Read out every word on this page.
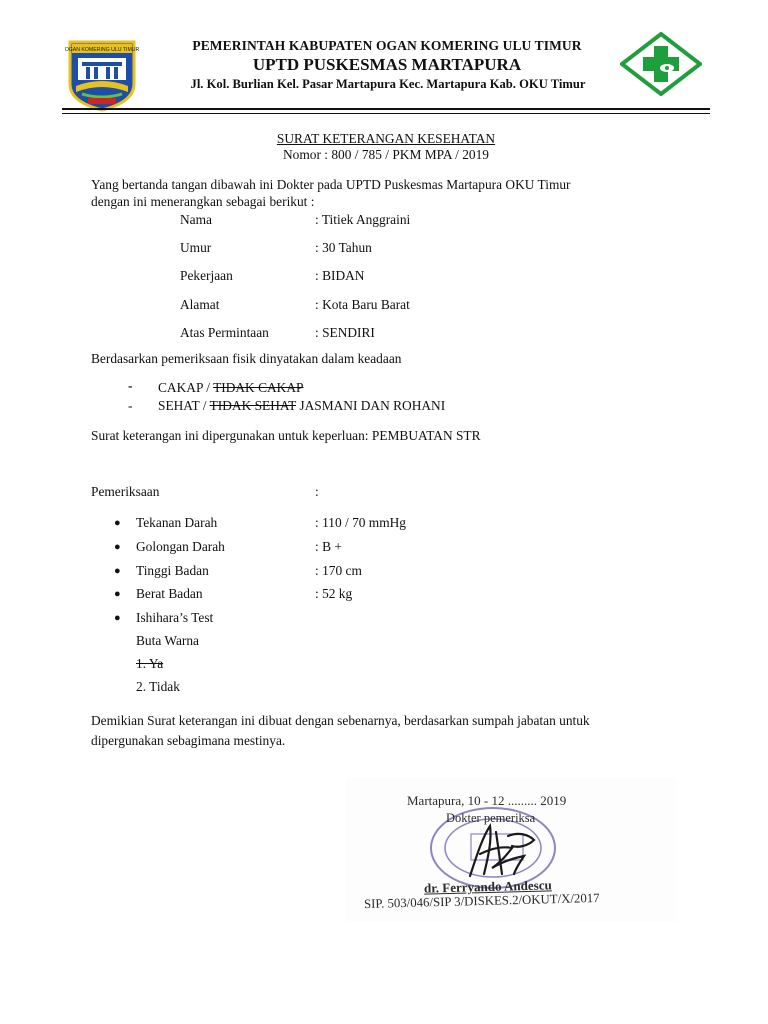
OGAN KOMERING ULU TIMUR	PEMERINTAH KABUPATEN OGAN KOMERING ULU TIMUR
UPTD PUSKESMAS MARTAPURA
Jl. Kol. Burlian Kel. Pasar Martapura Kec. Martapura Kab. OKU Timur
SURAT KETERANGAN KESEHATAN
Nomor : 800 / 785 / PKM MPA / 2019
Yang bertanda tangan dibawah ini Dokter pada UPTD Puskesmas Martapura OKU Timur
dengan ini menerangkan sebagai berikut :
Nama	: Titiek Anggraini
Umur	: 30 Tahun
Pekerjaan	: BIDAN
Alamat	: Kota Baru Barat
Atas Permintaan	: SENDIRI
Berdasarkan pemeriksaan fisik dinyatakan dalam keadaan
- CAKAP / TIDAK CAKAP
- SEHAT / TIDAK SEHAT JASMANI DAN ROHANI
Surat keterangan ini dipergunakan untuk keperluan: PEMBUATAN STR
Pemeriksaan	:
● Tekanan Darah	: 110 / 70 mmHg
● Golongan Darah	: B +
● Tinggi Badan	: 170 cm
● Berat Badan	: 52 kg
● Ishihara’s Test
Buta Warna
1. Ya
2. Tidak
Demikian Surat keterangan ini dibuat dengan sebenarnya, berdasarkan sumpah jabatan untuk
dipergunakan sebagimana mestinya.
Martapura, 10 - 12 ......... 2019
Dokter pemeriksa
dr. Ferryando Andescu
SIP. 503/046/SIP 3/DISKES.2/OKUT/X/2017
